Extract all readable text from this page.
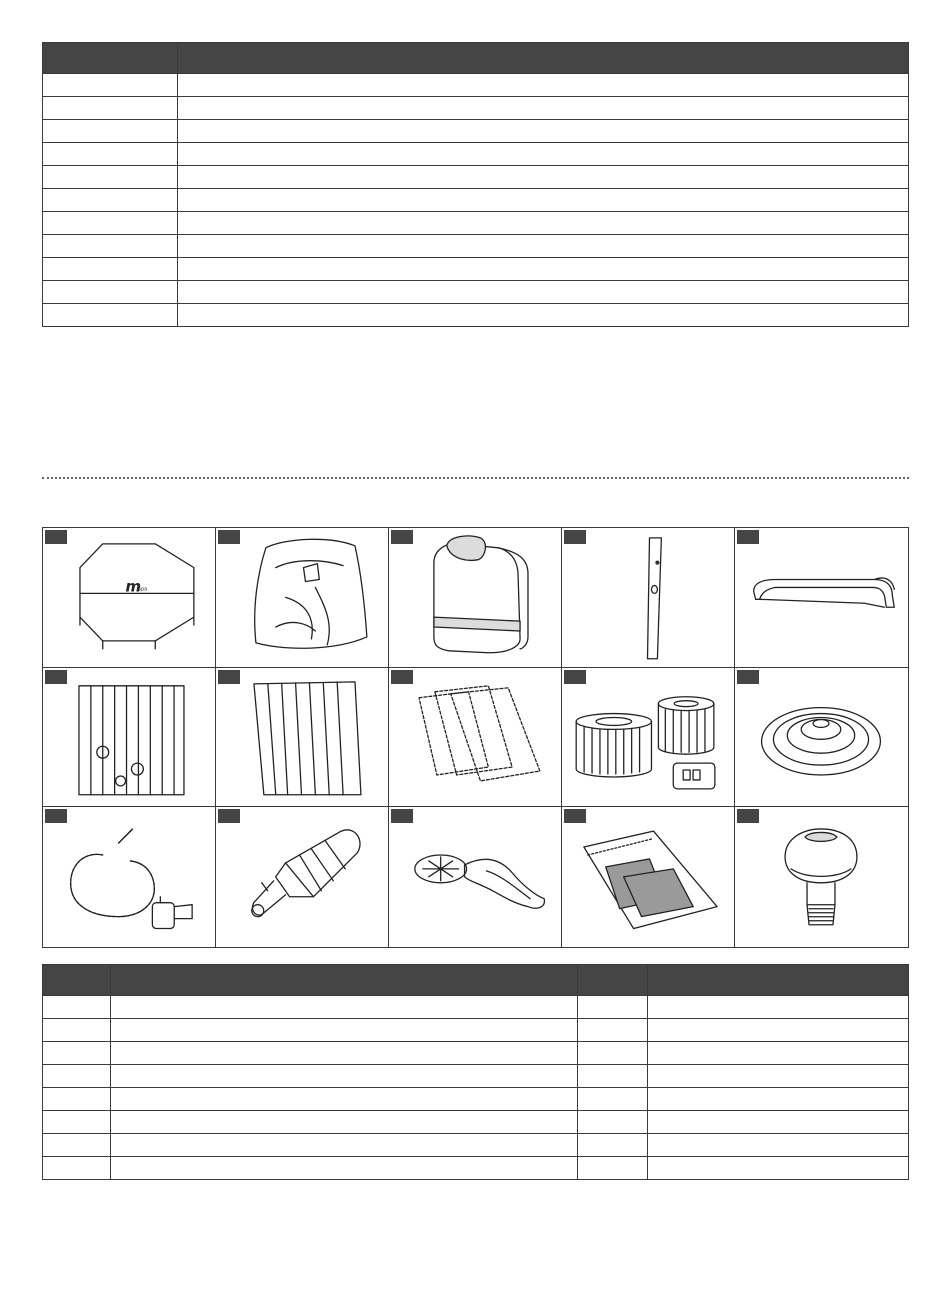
m
spa
